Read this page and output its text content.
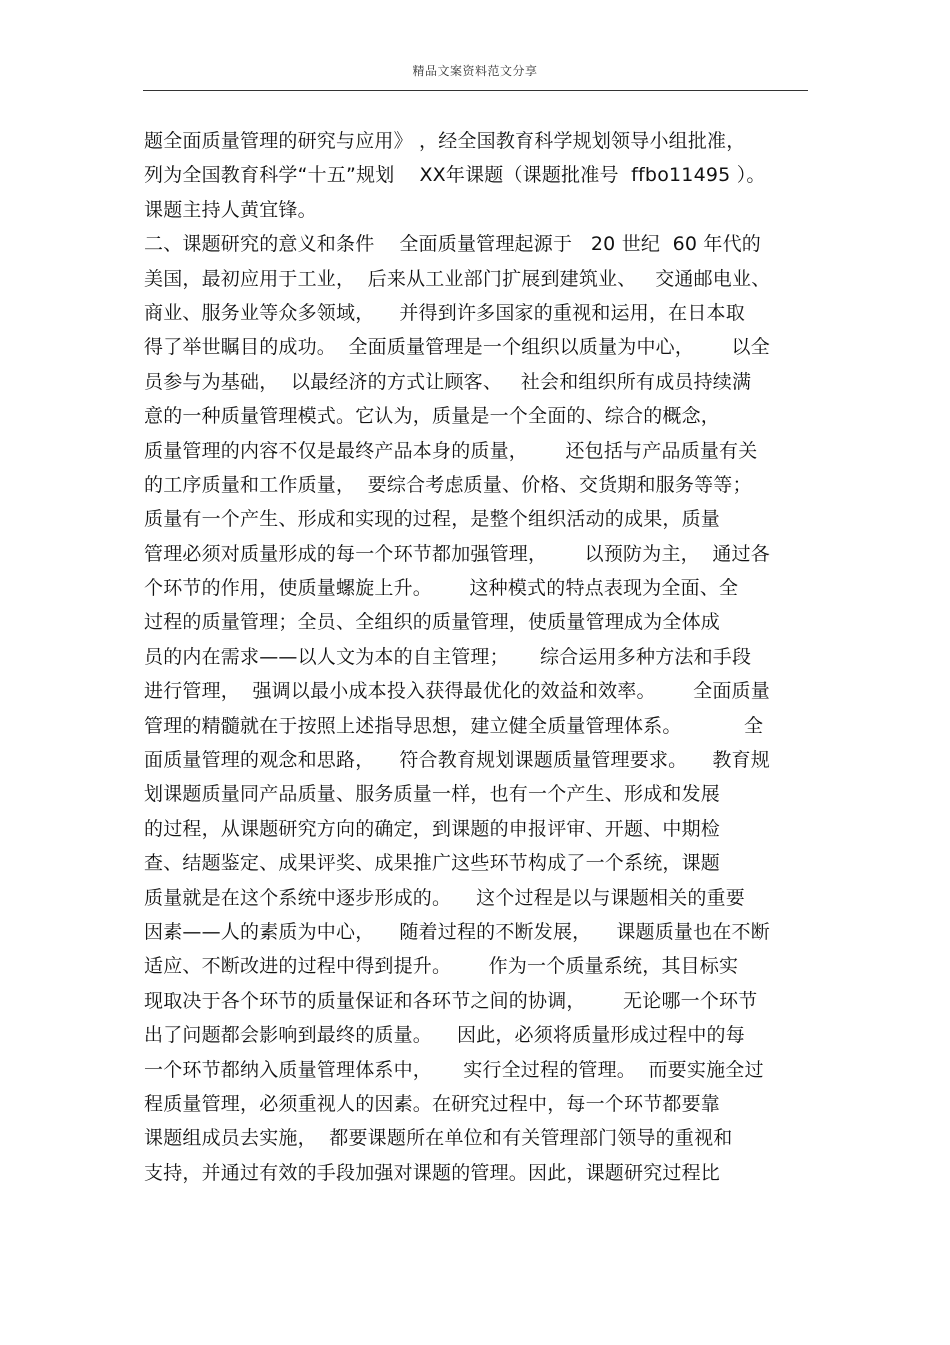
精品文案资料范文分享
题全面质量管理的研究与应用》 ，经全国教育科学规划领导小组批准，
列为全国教育科学“十五”规划    XX年课题（课题批准号  ffbo11495 ）。
课题主持人黄宜锋。
二、课题研究的意义和条件    全面质量管理起源于   20 世纪  60 年代的
美国，最初应用于工业，  后来从工业部门扩展到建筑业、   交通邮电业、
商业、服务业等众多领域，    并得到许多国家的重视和运用，在日本取
得了举世瞩目的成功。  全面质量管理是一个组织以质量为中心，      以全
员参与为基础，  以最经济的方式让顾客、   社会和组织所有成员持续满
意的一种质量管理模式。它认为，质量是一个全面的、综合的概念，
质量管理的内容不仅是最终产品本身的质量，      还包括与产品质量有关
的工序质量和工作质量，  要综合考虑质量、价格、交货期和服务等等；
质量有一个产生、形成和实现的过程，是整个组织活动的成果，质量
管理必须对质量形成的每一个环节都加强管理，      以预防为主，  通过各
个环节的作用，使质量螺旋上升。      这种模式的特点表现为全面、全
过程的质量管理；全员、全组织的质量管理，使质量管理成为全体成
员的内在需求——以人文为本的自主管理；     综合运用多种方法和手段
进行管理，  强调以最小成本投入获得最优化的效益和效率。      全面质量
管理的精髓就在于按照上述指导思想，建立健全质量管理体系。          全
面质量管理的观念和思路，    符合教育规划课题质量管理要求。    教育规
划课题质量同产品质量、服务质量一样，也有一个产生、形成和发展
的过程，从课题研究方向的确定，到课题的申报评审、开题、中期检
查、结题鉴定、成果评奖、成果推广这些环节构成了一个系统，课题
质量就是在这个系统中逐步形成的。    这个过程是以与课题相关的重要
因素——人的素质为中心，    随着过程的不断发展，    课题质量也在不断
适应、不断改进的过程中得到提升。      作为一个质量系统，其目标实
现取决于各个环节的质量保证和各环节之间的协调，      无论哪一个环节
出了问题都会影响到最终的质量。    因此，必须将质量形成过程中的每
一个环节都纳入质量管理体系中，     实行全过程的管理。  而要实施全过
程质量管理，必须重视人的因素。在研究过程中，每一个环节都要靠
课题组成员去实施，  都要课题所在单位和有关管理部门领导的重视和
支持，并通过有效的手段加强对课题的管理。因此，课题研究过程比
